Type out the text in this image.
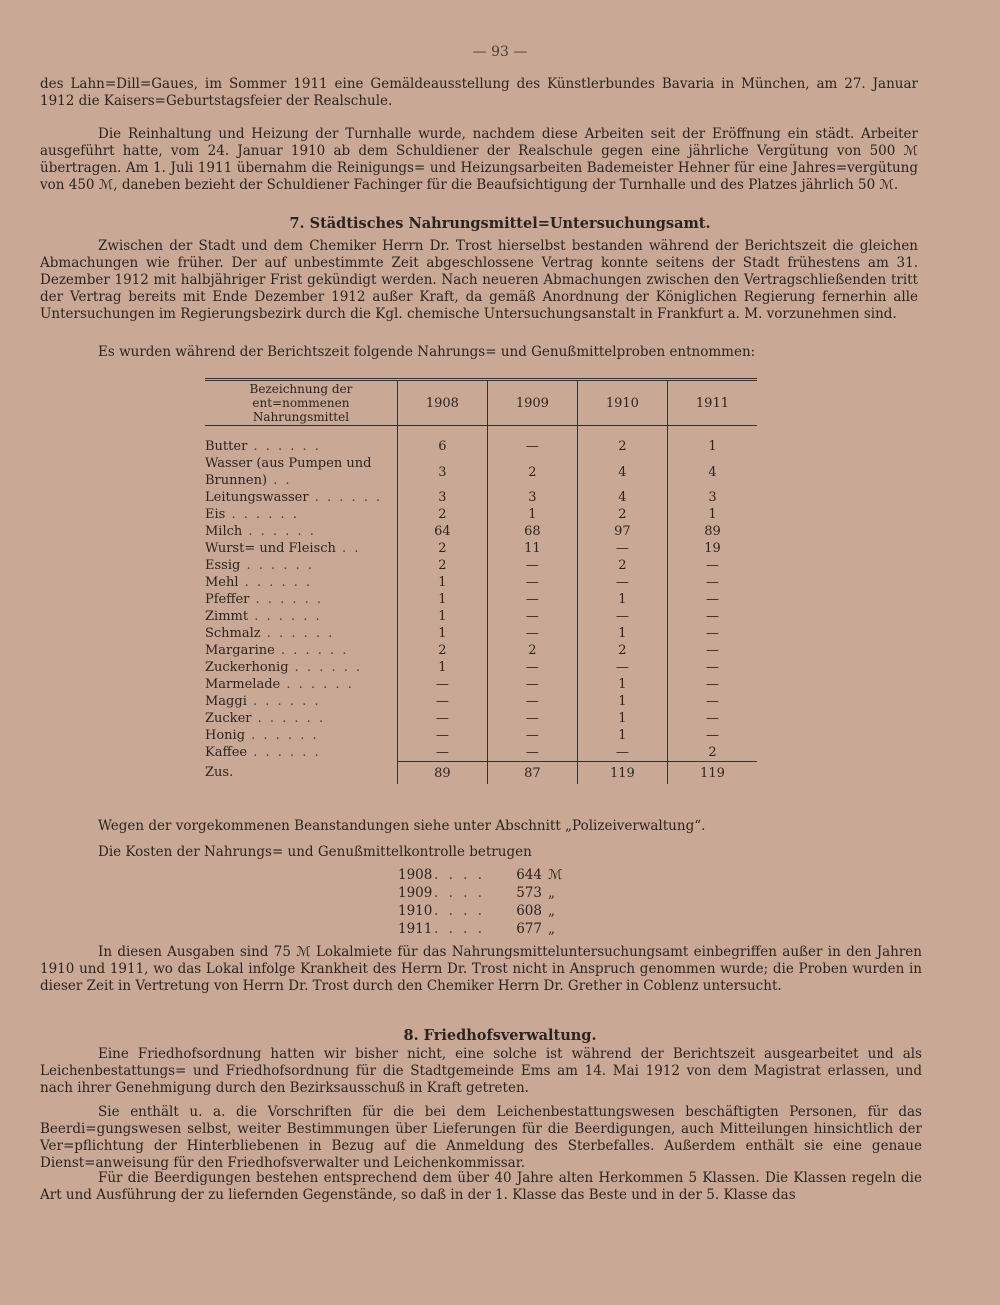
— 93 —

des Lahn=Dill=Gaues, im Sommer 1911 eine Gemäldeausstellung des Künstlerbundes Bavaria in München, am 27. Januar 1912 die Kaisers=Geburtstagsfeier der Realschule.

Die Reinhaltung und Heizung der Turnhalle wurde, nachdem diese Arbeiten seit der Eröffnung ein städt. Arbeiter ausgeführt hatte, vom 24. Januar 1910 ab dem Schuldiener der Realschule gegen eine jährliche Vergütung von 500 ℳ übertragen. Am 1. Juli 1911 übernahm die Reinigungs= und Heizungsarbeiten Bademeister Hehner für eine Jahres=vergütung von 450 ℳ, daneben bezieht der Schuldiener Fachinger für die Beaufsichtigung der Turnhalle und des Platzes jährlich 50 ℳ.

7. Städtisches Nahrungsmittel=Untersuchungsamt.

Zwischen der Stadt und dem Chemiker Herrn Dr. Trost hierselbst bestanden während der Berichtszeit die gleichen Abmachungen wie früher. Der auf unbestimmte Zeit abgeschlossene Vertrag konnte seitens der Stadt frühestens am 31. Dezember 1912 mit halbjähriger Frist gekündigt werden. Nach neueren Abmachungen zwischen den Vertragschließenden tritt der Vertrag bereits mit Ende Dezember 1912 außer Kraft, da gemäß Anordnung der Königlichen Regierung fernerhin alle Untersuchungen im Regierungsbezirk durch die Kgl. chemische Untersuchungsanstalt in Frankfurt a. M. vorzunehmen sind.

Es wurden während der Berichtszeit folgende Nahrungs= und Genußmittelproben entnommen:

Bezeichnung der ent=nommenen Nahrungsmittel	1908	1909	1910	1911

Butter . . . . . .	6	—	2	1
Wasser (aus Pumpen und Brunnen) . .	3	2	4	4
Leitungswasser . . . . . .	3	3	4	3
Eis . . . . . .	2	1	2	1
Milch . . . . . .	64	68	97	89
Wurst= und Fleisch . .	2	11	—	19
Essig . . . . . .	2	—	2	—
Mehl . . . . . .	1	—	—	—
Pfeffer . . . . . .	1	—	1	—
Zimmt . . . . . .	1	—	—	—
Schmalz . . . . . .	1	—	1	—
Margarine . . . . . .	2	2	2	—
Zuckerhonig . . . . . .	1	—	—	—
Marmelade . . . . . .	—	—	1	—
Maggi . . . . . .	—	—	1	—
Zucker . . . . . .	—	—	1	—
Honig . . . . . .	—	—	1	—
Kaffee . . . . . .	—	—	—	2
Zus.	89	87	119	119

Wegen der vorgekommenen Beanstandungen siehe unter Abschnitt „Polizeiverwaltung“.

Die Kosten der Nahrungs= und Genußmittelkontrolle betrugen

1908. . . . 644 ℳ
1909. . . . 573 „
1910. . . . 608 „
1911. . . . 677 „

In diesen Ausgaben sind 75 ℳ Lokalmiete für das Nahrungsmitteluntersuchungsamt einbegriffen außer in den Jahren 1910 und 1911, wo das Lokal infolge Krankheit des Herrn Dr. Trost nicht in Anspruch genommen wurde; die Proben wurden in dieser Zeit in Vertretung von Herrn Dr. Trost durch den Chemiker Herrn Dr. Grether in Coblenz untersucht.

8. Friedhofsverwaltung.

Eine Friedhofsordnung hatten wir bisher nicht, eine solche ist während der Berichtszeit ausgearbeitet und als Leichenbestattungs= und Friedhofsordnung für die Stadtgemeinde Ems am 14. Mai 1912 von dem Magistrat erlassen, und nach ihrer Genehmigung durch den Bezirksausschuß in Kraft getreten.

Sie enthält u. a. die Vorschriften für die bei dem Leichenbestattungswesen beschäftigten Personen, für das Beerdi=gungswesen selbst, weiter Bestimmungen über Lieferungen für die Beerdigungen, auch Mitteilungen hinsichtlich der Ver=pflichtung der Hinterbliebenen in Bezug auf die Anmeldung des Sterbefalles. Außerdem enthält sie eine genaue Dienst=anweisung für den Friedhofsverwalter und Leichenkommissar.

Für die Beerdigungen bestehen entsprechend dem über 40 Jahre alten Herkommen 5 Klassen. Die Klassen regeln die Art und Ausführung der zu liefernden Gegenstände, so daß in der 1. Klasse das Beste und in der 5. Klasse das
